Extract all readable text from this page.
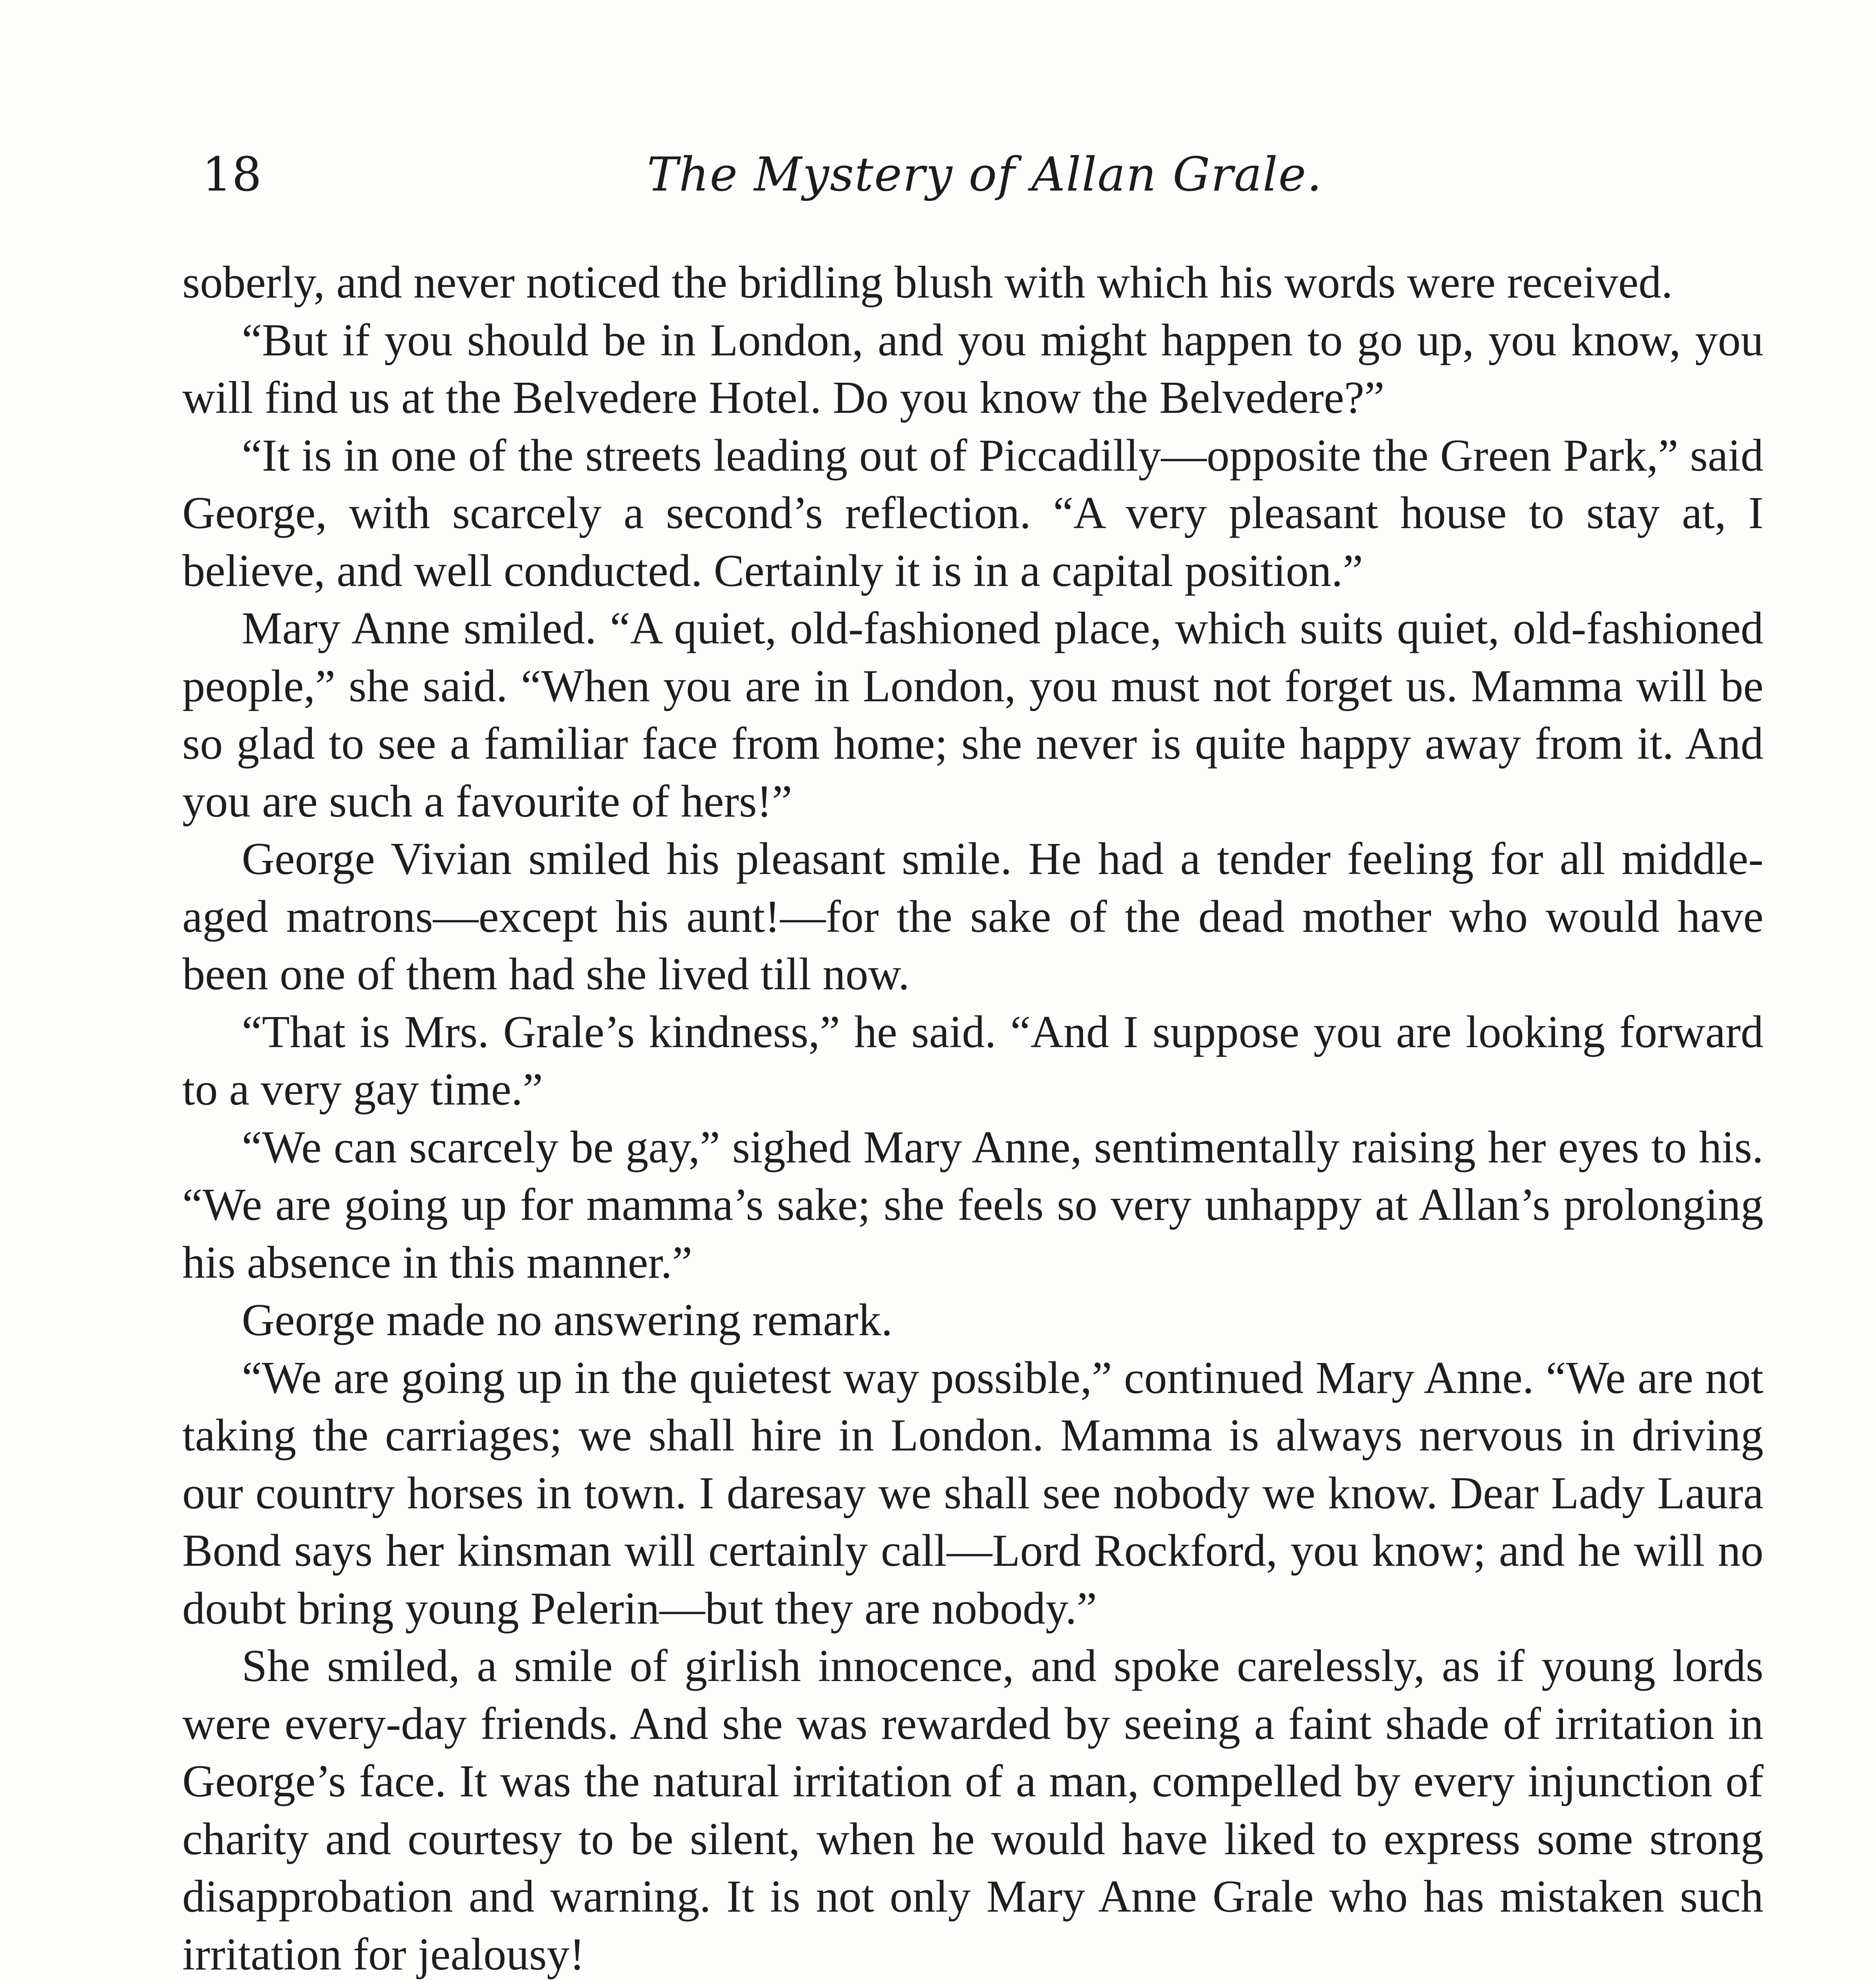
18	The Mystery of Allan Grale.

soberly, and never noticed the bridling blush with which his words were received.

“But if you should be in London, and you might happen to go up, you know, you will find us at the Belvedere Hotel. Do you know the Belvedere?”

“It is in one of the streets leading out of Piccadilly—opposite the Green Park,” said George, with scarcely a second’s reflection. “A very pleasant house to stay at, I believe, and well conducted. Certainly it is in a capital position.”

Mary Anne smiled. “A quiet, old-fashioned place, which suits quiet, old-fashioned people,” she said. “When you are in London, you must not forget us. Mamma will be so glad to see a familiar face from home; she never is quite happy away from it. And you are such a favourite of hers!”

George Vivian smiled his pleasant smile. He had a tender feeling for all middle-aged matrons—except his aunt!—for the sake of the dead mother who would have been one of them had she lived till now.

“That is Mrs. Grale’s kindness,” he said. “And I suppose you are looking forward to a very gay time.”

“We can scarcely be gay,” sighed Mary Anne, sentimentally raising her eyes to his. “We are going up for mamma’s sake; she feels so very unhappy at Allan’s prolonging his absence in this manner.”

George made no answering remark.

“We are going up in the quietest way possible,” continued Mary Anne. “We are not taking the carriages; we shall hire in London. Mamma is always nervous in driving our country horses in town. I daresay we shall see nobody we know. Dear Lady Laura Bond says her kinsman will certainly call—Lord Rockford, you know; and he will no doubt bring young Pelerin—but they are nobody.”

She smiled, a smile of girlish innocence, and spoke carelessly, as if young lords were every-day friends. And she was rewarded by seeing a faint shade of irritation in George’s face. It was the natural irritation of a man, compelled by every injunction of charity and courtesy to be silent, when he would have liked to express some strong disapprobation and warning. It is not only Mary Anne Grale who has mistaken such irritation for jealousy!
